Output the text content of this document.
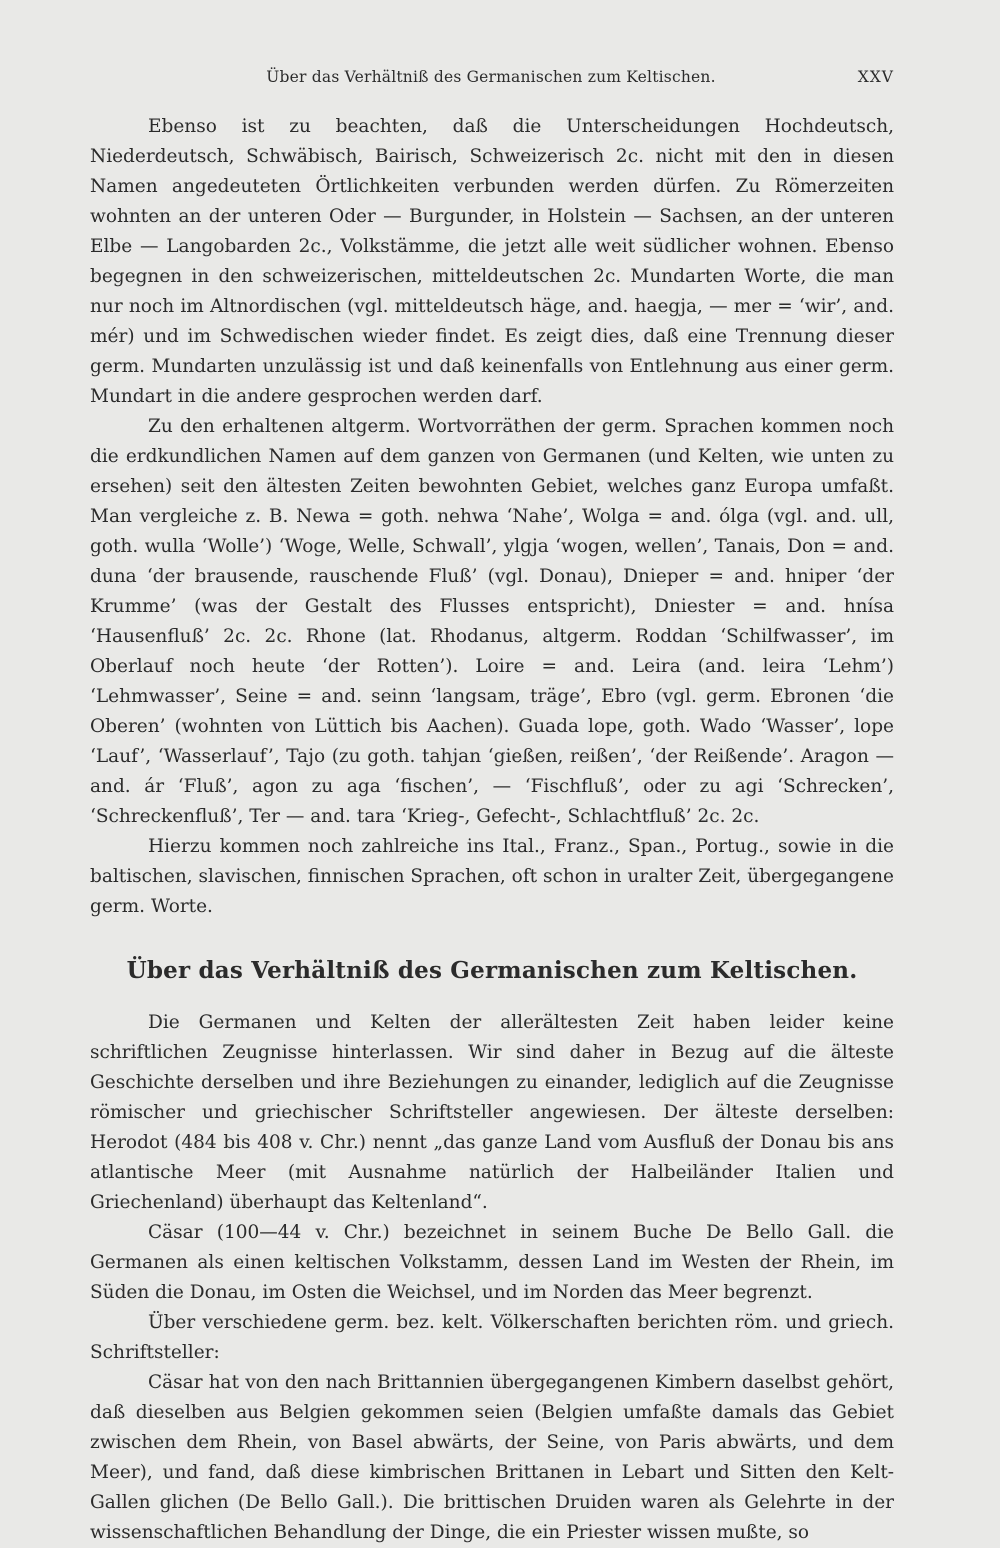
Über das Verhältniß des Germanischen zum Keltischen.	XXV

Ebenso ist zu beachten, daß die Unterscheidungen Hochdeutsch, Niederdeutsch, Schwäbisch, Bairisch, Schweizerisch 2c. nicht mit den in diesen Namen angedeuteten Örtlichkeiten verbunden werden dürfen. Zu Römerzeiten wohnten an der unteren Oder — Burgunder, in Holstein — Sachsen, an der unteren Elbe — Langobarden 2c., Volkstämme, die jetzt alle weit südlicher wohnen. Ebenso begegnen in den schweizerischen, mitteldeutschen 2c. Mundarten Worte, die man nur noch im Altnordischen (vgl. mitteldeutsch häge, and. haegja, — mer = ‘wir’, and. mér) und im Schwedischen wieder findet. Es zeigt dies, daß eine Trennung dieser germ. Mundarten unzulässig ist und daß keinenfalls von Entlehnung aus einer germ. Mundart in die andere gesprochen werden darf.

Zu den erhaltenen altgerm. Wortvorräthen der germ. Sprachen kommen noch die erdkundlichen Namen auf dem ganzen von Germanen (und Kelten, wie unten zu ersehen) seit den ältesten Zeiten bewohnten Gebiet, welches ganz Europa umfaßt. Man vergleiche z. B. Newa = goth. nehwa ‘Nahe’, Wolga = and. ólga (vgl. and. ull, goth. wulla ‘Wolle’) ‘Woge, Welle, Schwall’, ylgja ‘wogen, wellen’, Tanais, Don = and. duna ‘der brausende, rauschende Fluß’ (vgl. Donau), Dnieper = and. hniper ‘der Krumme’ (was der Gestalt des Flusses entspricht), Dniester = and. hnísa ‘Hausenfluß’ 2c. 2c. Rhone (lat. Rhodanus, altgerm. Roddan ‘Schilfwasser’, im Oberlauf noch heute ‘der Rotten’). Loire = and. Leira (and. leira ‘Lehm’) ‘Lehmwasser’, Seine = and. seinn ‘langsam, träge’, Ebro (vgl. germ. Ebronen ‘die Oberen’ (wohnten von Lüttich bis Aachen). Guada lope, goth. Wado ‘Wasser’, lope ‘Lauf’, ‘Wasserlauf’, Tajo (zu goth. tahjan ‘gießen, reißen’, ‘der Reißende’. Aragon — and. ár ‘Fluß’, agon zu aga ‘fischen’, — ‘Fischfluß’, oder zu agi ‘Schrecken’, ‘Schreckenfluß’, Ter — and. tara ‘Krieg-, Gefecht-, Schlachtfluß’ 2c. 2c.

Hierzu kommen noch zahlreiche ins Ital., Franz., Span., Portug., sowie in die baltischen, slavischen, finnischen Sprachen, oft schon in uralter Zeit, übergegangene germ. Worte.

Über das Verhältniß des Germanischen zum Keltischen.

Die Germanen und Kelten der allerältesten Zeit haben leider keine schriftlichen Zeugnisse hinterlassen. Wir sind daher in Bezug auf die älteste Geschichte derselben und ihre Beziehungen zu einander, lediglich auf die Zeugnisse römischer und griechischer Schriftsteller angewiesen. Der älteste derselben: Herodot (484 bis 408 v. Chr.) nennt „das ganze Land vom Ausfluß der Donau bis ans atlantische Meer (mit Ausnahme natürlich der Halbeiländer Italien und Griechenland) überhaupt das Keltenland“.

Cäsar (100—44 v. Chr.) bezeichnet in seinem Buche De Bello Gall. die Germanen als einen keltischen Volkstamm, dessen Land im Westen der Rhein, im Süden die Donau, im Osten die Weichsel, und im Norden das Meer begrenzt.

Über verschiedene germ. bez. kelt. Völkerschaften berichten röm. und griech. Schriftsteller:

Cäsar hat von den nach Brittannien übergegangenen Kimbern daselbst gehört, daß dieselben aus Belgien gekommen seien (Belgien umfaßte damals das Gebiet zwischen dem Rhein, von Basel abwärts, der Seine, von Paris abwärts, und dem Meer), und fand, daß diese kimbrischen Brittanen in Lebart und Sitten den Kelt-Gallen glichen (De Bello Gall.). Die brittischen Druiden waren als Gelehrte in der wissenschaftlichen Behandlung der Dinge, die ein Priester wissen mußte, so
